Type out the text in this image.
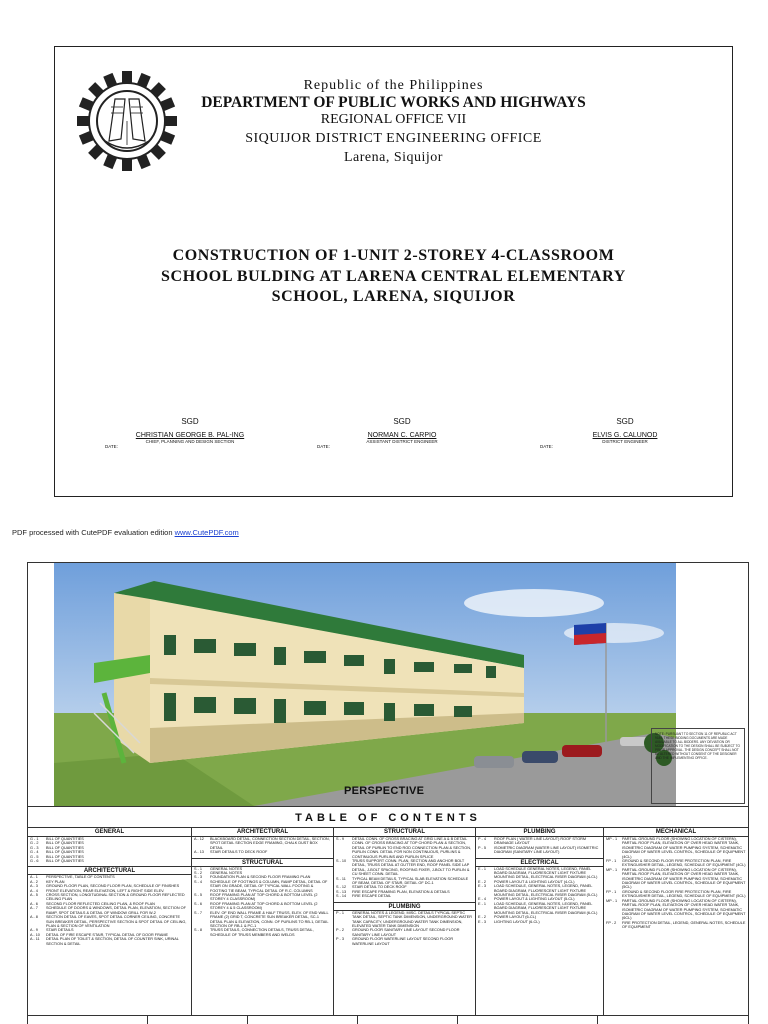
Republic of the Philippines
DEPARTMENT OF PUBLIC WORKS AND HIGHWAYS
REGIONAL OFFICE VII
SIQUIJOR DISTRICT ENGINEERING OFFICE
Larena, Siquijor
CONSTRUCTION OF 1-UNIT 2-STOREY 4-CLASSROOM
SCHOOL BULDING AT LARENA CENTRAL ELEMENTARY
SCHOOL, LARENA, SIQUIJOR
SGD
CHRISTIAN GEORGE B. PAL-ING
CHIEF, PLANNING AND DESIGN SECTION
DATE:
SGD
NORMAN C. CARPIO
ASSISTANT DISTRICT ENGINEER
DATE:
SGD
ELVIS G. CALUNOD
DISTRICT ENGINEER
DATE:
PDF processed with CutePDF evaluation edition www.CutePDF.com
PERSPECTIVE
NOTE: PURSUANT TO SECTION 11 OF REPUBLIC ACT 9184, THESE BIDDING DOCUMENTS ARE MADE AVAILABLE TO ALL BIDDERS. ANY DEVIATION OR MODIFICATION TO THE DESIGN SHALL BE SUBJECT TO PRIOR APPROVAL. THE DESIGN CONCEPT SHALL NOT BE ALTERED WITHOUT CONSENT OF THE DESIGNER AND THE IMPLEMENTING OFFICE.
TABLE OF CONTENTS
GENERAL
G - 1	BILL OF QUANTITIES
G - 2	BILL OF QUANTITIES
G - 3	BILL OF QUANTITIES
G - 4	BILL OF QUANTITIES
G - 5	BILL OF QUANTITIES
G - 6	BILL OF QUANTITIES
ARCHITECTURAL
A - 1	PERSPECTIVE, TABLE OF CONTENTS
A - 2	KEY PLAN
A - 3	GROUND FLOOR PLAN, SECOND FLOOR PLAN, SCHEDULE OF FINISHES
A - 4	FRONT ELEVATION, REAR ELEVATION, LEFT & RIGHT SIDE ELEV.
A - 5	CROSS SECTION, LONGITUDINAL SECTION & GROUND FLOOR REFLECTED CEILING PLAN
A - 6	SECOND FLOOR REFLECTED CEILING PLAN, & ROOF PLAN
A - 7	SCHEDULE OF DOORS & WINDOWS, DETAIL PLAN, ELEVATION, SECTION OF RAMP, SPOT DETAILS & DETAIL OF WINDOW GRILL FOR W-2
A - 8	SECTION DETAIL OF EAVES, SPOT DETAIL CORNER CEILING, CONCRETE SUN BREAKER DETAIL, PERSPECTIVE SECTION & SPOT DETAIL OF CEILING, PLAN & SECTION OF VENTILATION
A - 9	STAIR DETAILS
A - 10	DETAIL OF FIRE ESCAPE STAIR, TYPICAL DETAIL OF DOOR FRAME
A - 11	DETAIL PLAN OF TOILET & SECTION, DETAIL OF COUNTER SINK, URINAL SECTION & DETAIL
ARCHITECTURAL
A - 12	BLACKBOARD DETAIL, CONNECTION SECTION DETAIL, SECTION, SPOT DETAIL SECTION EDGE FRAMING, CHALK DUST BOX DETAIL
A - 13	STAIR DETAILS TO DECK ROOF
STRUCTURAL
S - 1	GENERAL NOTES
S - 2	GENERAL NOTES
S - 3	FOUNDATION PLAN & SECOND FLOOR FRAMING PLAN
S - 4	SCHEDULE OF FOOTINGS & COLUMN, RAMP DETAIL, DETAIL OF STAIR ON GRADE, DETAIL OF TYPICAL WALL FOOTING & FOOTING TIE BEAM, TYPICAL DETAIL OF R.C. COLUMNS
S - 5	ROOF FRAMING PLAN AT TOP CHORD & BOTTOM LEVEL (2 STOREY 4 CLASSROOM)
S - 6	ROOF FRAMING PLAN AT TOP CHORD & BOTTOM LEVEL (2 STOREY 4 & 5 CLASSROOM)
S - 7	ELEV. OF END WALL FRAME & HALF TRUSS, ELEV. OF END WALL FRAME (2) GRID T, CONCRETE SUN BREAKER DETAIL, SC-1 DETAIL PLAN & ELEVATION, CONN. OF PURLINS TO RB-1, DETAIL SECTION OF RB-1 & PC-1
S - 8	TRUSS DETAILS, CONNECTION DETAILS, TRUSS DETAIL, SCHEDULE OF TRUSS MEMBERS AND WELDS
STRUCTURAL
S - 9	DETAIL CONN. OF CROSS BRACING AT GRID LINE A & B DETAIL CONN. OF CROSS BRACING AT TOP CHORD PLAN & SECTION, DETAIL OF PURLIN TO END ROD CONNECTION PLAN & SECTION, PURLIN CONN. DETAIL FOR NON CONTINUOUS, PURLINS & CONTINUOUS PURLINS AND PURLIN SPLICE
S - 10	TRUSS SUPPORT CONN. PLAN, SECTION AND ANCHOR BOLT DETAIL, TRUSS DETAIL AT GUTTER END, ROOF PANEL SIDE LAP DETAIL, J-BOLT SPACING, ROOFING FIXER, J-BOLT TO PURLIN & CU SHEET CONN. DETAIL
S - 11	TYPICAL BEAM DETAILS, TYPICAL SLAB ELEVATION SCHEDULE OF BEAM, DETAIL OF STAIR, DETAIL OF DC-1
S - 12	STAIR DETAIL TO DECK ROOF
S - 13	FIRE ESCAPE FRAMING PLAN, ELEVATION & DETAILS
S - 14	FIRE ESCAPE DETAIL
PLUMBING
P - 1	GENERAL NOTES & LEGEND, MISC. DETAILS TYPICAL SEPTIC TANK DETAIL, SEPTIC TANK DIMENSION, UNDERGROUND WATER TANK CAPACITY, UNDERGROUND WATER TANK DIMENSION, ELEVATED WATER TANK DIMENSION
P - 2	GROUND FLOOR SANITARY LINE LAYOUT SECOND FLOOR SANITARY LINE LAYOUT
P - 3	GROUND FLOOR WATERLINE LAYOUT SECOND FLOOR WATERLINE LAYOUT
PLUMBING
P - 4	ROOF PLAN ( WATER LINE LAYOUT) ROOF STORM DRAINAGE LAYOUT
P - 5	ISOMETRIC DIAGRAM (WATER LINE LAYOUT) ISOMETRIC DIAGRAM (SANITARY LINE LAYOUT)
ELECTRICAL
E - 1	LOAD SCHEDULE GENERAL NOTES, LEGEND, PANEL BOARD DIAGRAM, FLUORESCENT LIGHT FIXTURE MOUNTING DETAIL, ELECTRICAL RISER DIAGRAM (4-CL)
E - 2	POWER LAYOUT & LIGHTING LAYOUT (4-CL)
E - 3	LOAD SCHEDULE, GENERAL NOTES, LEGEND, PANEL BOARD DIAGRAM, FLUORESCENT LIGHT FIXTURE MOUNTING DETAIL, ELECTRICAL RISER DIAGRAM (5-CL)
E - 4	POWER LAYOUT & LIGHTING LAYOUT (5-CL)
E - 1	LOAD SCHEDULE, GENERAL NOTES, LEGEND, PANEL BOARD DIAGRAM, FLUORESCENT LIGHT FIXTURE MOUNTING DETAIL, ELECTRICAL RISER DIAGRAM (6-CL)
E - 2	POWER LAYOUT (6-CL)
E - 3	LIGHTING LAYOUT (6-CL)
MECHANICAL
MP - 1	PARTIAL GROUND FLOOR (SHOWING LOCATION OF CISTERN), PARTIAL ROOF PLAN, ELEVATION OF OVER HEAD WATER TANK, ISOMETRIC DIAGRAM OF WATER PUMPING SYSTEM, SCHEMATIC DIAGRAM OF WATER LEVEL CONTROL, SCHEDULE OF EQUIPMENT (4CL)
FP - 1	GROUND & SECOND FLOOR FIRE PROTECTION PLAN, FIRE EXTINGUISHER DETAIL, LEGEND, SCHEDULE OF EQUIPMENT (4CL)
MP - 1	PARTIAL GROUND FLOOR (SHOWING LOCATION OF CISTERN), PARTIAL ROOF PLAN, ELEVATION OF OVER HEAD WATER TANK, ISOMETRIC DIAGRAM OF WATER PUMPING SYSTEM, SCHEMATIC DIAGRAM OF WATER LEVEL CONTROL, SCHEDULE OF EQUIPMENT (5CL)
FP - 1	GROUND & SECOND FLOOR FIRE PROTECTION PLAN, FIRE EXTINGUISHER DETAIL, LEGEND, SCHEDULE OF EQUIPMENT (5CL)
MP - 1	PARTIAL GROUND FLOOR (SHOWING LOCATION OF CISTERN), PARTIAL ROOF PLAN, ELEVATION OF OVER HEAD WATER TANK, ISOMETRIC DIAGRAM OF WATER PUMPING SYSTEM, SCHEMATIC DIAGRAM OF WATER LEVEL CONTROL, SCHEDULE OF EQUIPMENT (6CL)
FP - 2	FIRE PROTECTION DETAIL, LEGEND, GENERAL NOTES, SCHEDULE OF EQUIPMENT
